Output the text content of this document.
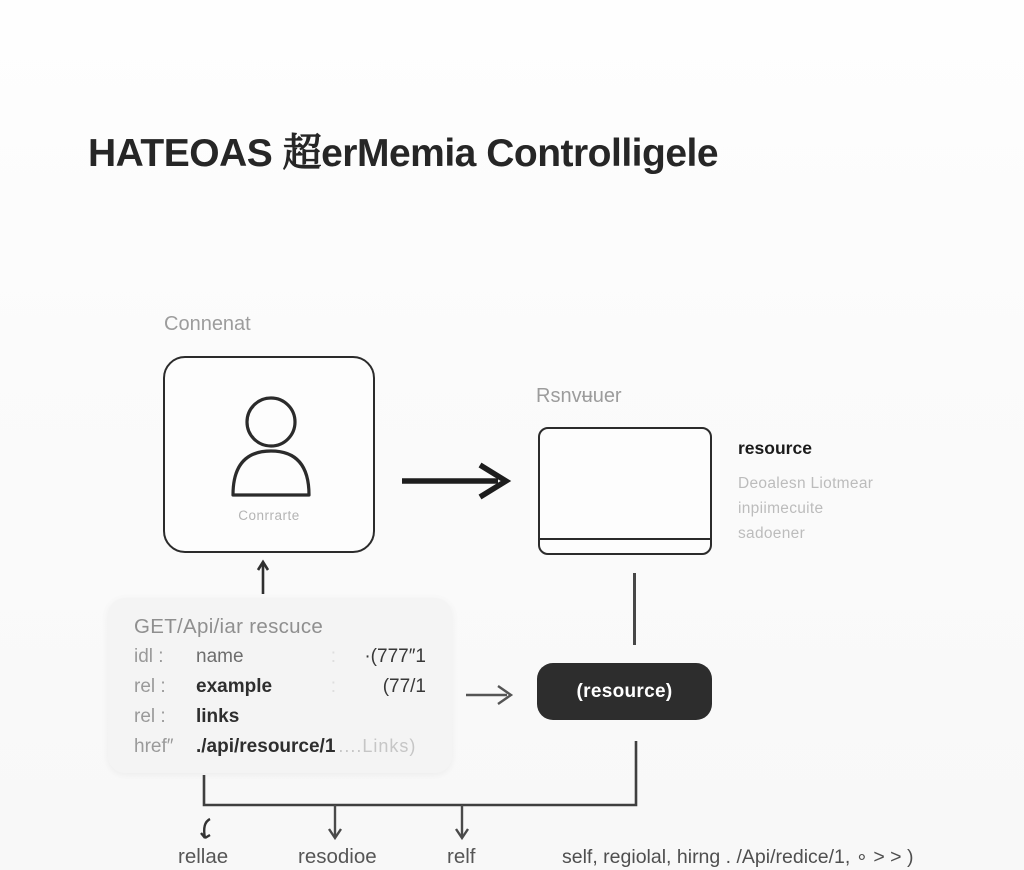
HATEOAS 超erMemia Controlligele
Connenat
Conrrarte
Rsnvʉuer
resource
Deoalesn Liotmear
inpiimecuite
sadoener
GET/Api/iar rescuce
idl :	name	:	·(777″1
rel :	example	:	(77/1
rel :	links
href″	./api/resource/1 ....Links)
(resource)
rellae	resodioe	relf	self, regiolal, hirng . /Api/redice/1, ∘ > > )
